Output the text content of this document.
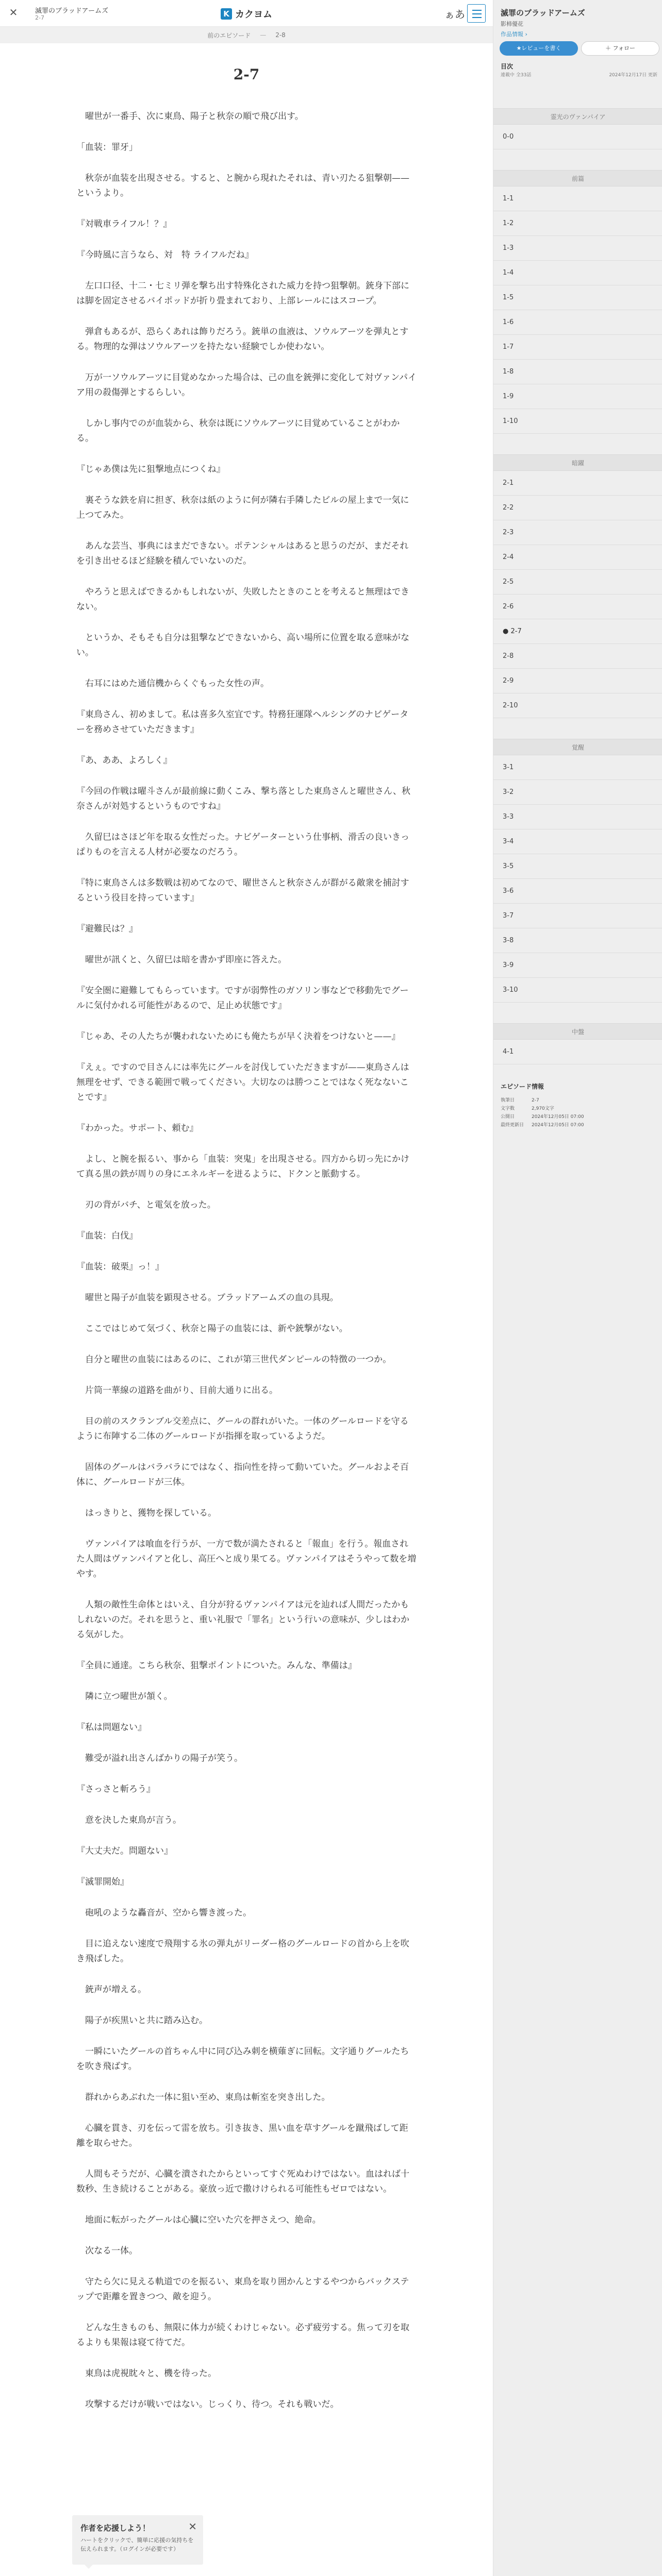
✕	滅罪のブラッドアームズ
2-7	K カクヨム	ぁあ
前のエピソード — 2-8
2-7

　曜世が一番手、次に東鳥、陽子と秋奈の順で飛び出す。

「血装：罪牙」

　秋奈が血装を出現させる。すると、と腕から現れたそれは、青い刃たる狙撃朝——というより。

『対戦車ライフル！？』

『今時風に言うなら、対　特 ライフルだね』

　左口口径、十二・七ミリ弾を撃ち出す特殊化された威力を持つ狙撃朝。銃身下部には脚を固定させるバイポッドが折り畳まれており、上部レールにはスコープ。

　弾倉もあるが、恐らくあれは飾りだろう。銃単の血液は、ソウルアーツを弾丸とする。物理的な弾はソウルアーツを持たない経験でしか使わない。

　万が一ソウルアーツに目覚めなかった場合は、己の血を銃弾に変化して対ヴァンパイア用の殺傷弾とするらしい。

　しかし事内でのが血装から、秋奈は既にソウルアーツに目覚めていることがわかる。

『じゃあ僕は先に狙撃地点につくね』

　裏そうな鉄を肩に担ぎ、秋奈は紙のように何が隣右手隣したビルの屋上まで一気に上つてみた。

　あんな芸当、事典にはまだできない。ポテンシャルはあると思うのだが、まだそれを引き出せるほど経験を積んでいないのだ。

　やろうと思えばできるかもしれないが、失敗したときのことを考えると無理はできない。

　というか、そもそも自分は狙撃などできないから、高い場所に位置を取る意味がない。

　右耳にはめた通信機からくぐもった女性の声。

『東鳥さん、初めまして。私は喜多久室宜です。特務狂運隊ヘルシングのナビゲーターを務めさせていただきます』

『あ、ああ、よろしく』

『今回の作戦は曜斗さんが最前線に動くこみ、撃ち落とした東鳥さんと曜世さん、秋奈さんが対処するというものですね』

　久留巳はさほど年を取る女性だった。ナビゲーターという仕事柄、滑舌の良いきっぱりものを言える人材が必要なのだろう。

『特に東鳥さんは多数戦は初めてなので、曜世さんと秋奈さんが群がる敵衆を捕討するという役目を持っています』

『避難民は？』

　曜世が訊くと、久留巳は暗を書かず即座に答えた。

『安全圏に避難してもらっています。ですが弱弊性のガソリン事などで移動先でグールに気付かれる可能性があるので、足止め状態です』

『じゃあ、その人たちが襲われないためにも俺たちが早く決着をつけないと——』

『えぇ。ですので目さんには率先にグールを討伐していただきますが——東鳥さんは無理をせず、できる範囲で戦ってください。大切なのは勝つことではなく死なないことです』

『わかった。サポート、頼む』

　よし、と腕を振るい、事から「血装：突鬼」を出現させる。四方から切っ先にかけて真る黒の鉄が周りの身にエネルギーを迸るように、ドクンと脈動する。

　刃の背がバチ、と電気を放った。

『血装：白伐』

『血装：破栗』っ！』

　曜世と陽子が血装を顕現させる。ブラッドアームズの血の具現。

　ここではじめて気づく、秋奈と陽子の血装には、新や銃撃がない。

　自分と曜世の血装にはあるのに、これが第三世代ダンピールの特徴の一つか。

　片筒一華線の道路を曲がり、目前大通りに出る。

　目の前のスクランブル交差点に、グールの群れがいた。一体のグールロードを守るように布陣する二体のグールロードが指揮を取っているようだ。

　固体のグールはバラバラにではなく、指向性を持って動いていた。グールおよそ百体に、グールロードが三体。

　はっきりと、獲物を探している。

　ヴァンパイアは喰血を行うが、一方で数が満たされると「報血」を行う。報血された人間はヴァンパイアと化し、高圧へと成り果てる。ヴァンパイアはそうやって数を増やす。

　人類の敵性生命体とはいえ、自分が狩るヴァンパイアは元を辿れば人間だったかもしれないのだ。それを思うと、重い礼服で「罪名」という行いの意味が、少しはわかる気がした。

『全員に通達。こちら秋奈、狙撃ポイントについた。みんな、準備は』

　隣に立つ曜世が頷く。

『私は問題ない』

　難受が溢れ出さんばかりの陽子が笑う。

『さっさと斬ろう』

　意を決した東鳥が言う。

『大丈夫だ。問題ない』

『滅罪開始』

　砲吼のような轟音が、空から響き渡った。

　目に追えない速度で飛翔する氷の弾丸がリーダー格のグールロードの首から上を吹き飛ばした。

　銃声が増える。

　陽子が疾黒いと共に踏み込む。

　一瞬にいたグールの首ちゃん中に同び込み刺を横薙ぎに回転。文字通りグールたちを吹き飛ばす。

　群れからあぶれた一体に狙い至め、東鳥は斬室を突き出した。

　心臓を貫き、刃を伝って雷を放ち。引き抜き、黒い血を草すグールを蹴飛ばして距離を取らせた。

　人間もそうだが、心臓を潰されたからといってすぐ死ぬわけではない。血はれば十数秒、生き続けることがある。豪放っ近で撒けけられる可能性もゼロではない。

　地面に転がったグールは心臓に空いた穴を押さえつ、絶命。

　次なる一体。

　守たら欠に見える軌道でのを振るい、東鳥を取り囲かんとするやつからバックステップで距離を置きつつ、敵を迎う。

　どんな生きものも、無限に体力が続くわけじゃない。必ず疲労する。焦って刃を取るよりも果報は寝て待てだ。

　東鳥は虎視眈々と、機を待った。

　攻撃するだけが戦いではない。じっくり、待つ。それも戦いだ。

作者を応援しよう！
ハートをクリックで、簡単に応援の気持ちを伝えられます。（ログインが必要です）
✕
滅罪のブラッドアームズ
影柿優花
作品情報 ›
★レビューを書く	＋ フォロー
目次
連載中 全33話	2024年12月17日 更新
霊光のヴァンパイア
0-0
前篇
1-1
1-2
1-3
1-4
1-5
1-6
1-7
1-8
1-9
1-10
暗躍
2-1
2-2
2-3
2-4
2-5
2-6
● 2-7
2-8
2-9
2-10
覚醒
3-1
3-2
3-3
3-4
3-5
3-6
3-7
3-8
3-9
3-10
中盤
4-1
エピソード情報
執筆日	2-7
文字数	2,970文字
公開日	2024年12月05日 07:00
最終更新日 2024年12月05日 07:00
